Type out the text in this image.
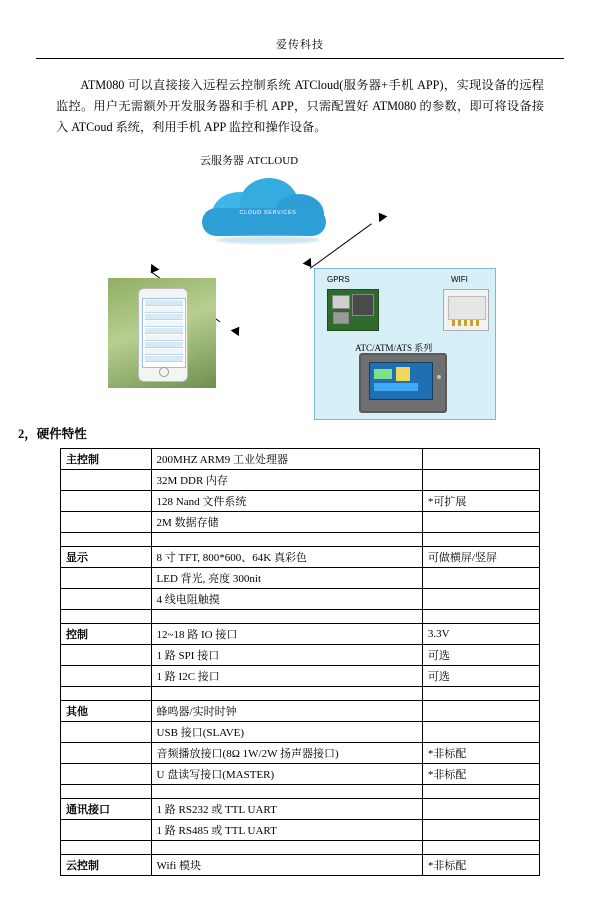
爱传科技

ATM080 可以直接接入远程云控制系统 ATCloud(服务器+手机 APP)，实现设备的远程监控。用户无需额外开发服务器和手机 APP，只需配置好 ATM080 的参数，即可将设备接入 ATCoud 系统，利用手机 APP 监控和操作设备。

云服务器 ATCLOUD
CLOUD SERVICES
GPRS	WIFI
ATC/ATM/ATS 系列
2，硬件特性
主控制	200MHZ ARM9 工业处理器	
	32M DDR 内存	
	128 Nand 文件系统	*可扩展
	2M 数据存储	

显示	8 寸 TFT, 800*600、64K 真彩色	可做横屏/竖屏
	LED 背光, 亮度 300nit	
	4 线电阻触摸	

控制	12~18 路 IO 接口	3.3V
	1 路 SPI 接口	可选
	1 路 I2C 接口	可选

其他	蜂鸣器/实时时钟	
	USB 接口(SLAVE)	
	音频播放接口(8Ω 1W/2W 扬声器接口)	*非标配
	U 盘读写接口(MASTER)	*非标配

通讯接口	1 路 RS232 或 TTL UART	
	1 路 RS485 或 TTL UART	

云控制	Wifi 模块	*非标配
